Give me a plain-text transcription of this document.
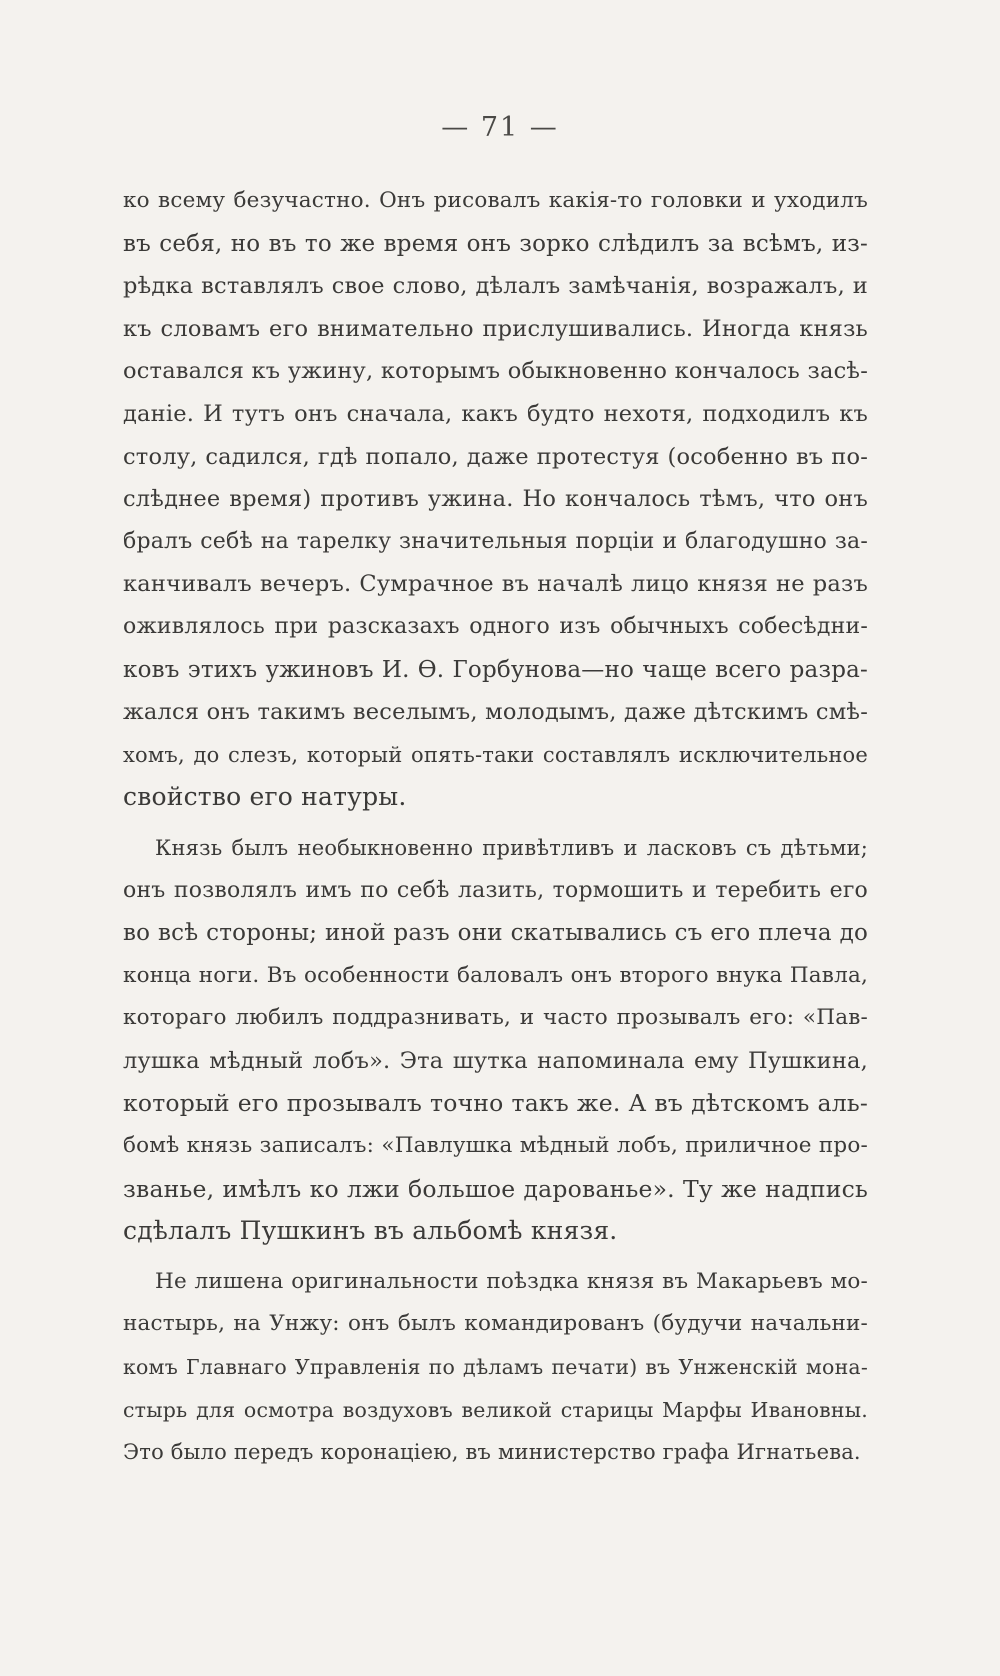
— 71 —
ко всему безучастно. Онъ рисовалъ какія-то головки и уходилъ
въ себя, но въ то же время онъ зорко слѣдилъ за всѣмъ, из-
рѣдка вставлялъ свое слово, дѣлалъ замѣчанія, возражалъ, и
къ словамъ его внимательно прислушивались. Иногда князь
оставался къ ужину, которымъ обыкновенно кончалось засѣ-
даніе. И тутъ онъ сначала, какъ будто нехотя, подходилъ къ
столу, садился, гдѣ попало, даже протестуя (особенно въ по-
слѣднее время) противъ ужина. Но кончалось тѣмъ, что онъ
бралъ себѣ на тарелку значительныя порціи и благодушно за-
канчивалъ вечеръ. Сумрачное въ началѣ лицо князя не разъ
оживлялось при разсказахъ одного изъ обычныхъ собесѣдни-
ковъ этихъ ужиновъ И. Ѳ. Горбунова—но чаще всего разра-
жался онъ такимъ веселымъ, молодымъ, даже дѣтскимъ смѣ-
хомъ, до слезъ, который опять-таки составлялъ исключительное
свойство его натуры.
Князь былъ необыкновенно привѣтливъ и ласковъ съ дѣтьми;
онъ позволялъ имъ по себѣ лазить, тормошить и теребить его
во всѣ стороны; иной разъ они скатывались съ его плеча до
конца ноги. Въ особенности баловалъ онъ второго внука Павла,
котораго любилъ поддразнивать, и часто прозывалъ его: «Пав-
лушка мѣдный лобъ». Эта шутка напоминала ему Пушкина,
который его прозывалъ точно такъ же. А въ дѣтскомъ аль-
бомѣ князь записалъ: «Павлушка мѣдный лобъ, приличное про-
званье, имѣлъ ко лжи большое дарованье». Ту же надпись
сдѣлалъ Пушкинъ въ альбомѣ князя.
Не лишена оригинальности поѣздка князя въ Макарьевъ мо-
настырь, на Унжу: онъ былъ командированъ (будучи начальни-
комъ Главнаго Управленія по дѣламъ печати) въ Унженскій мона-
стырь для осмотра воздуховъ великой старицы Марфы Ивановны.
Это было передъ коронаціею, въ министерство графа Игнатьева.
